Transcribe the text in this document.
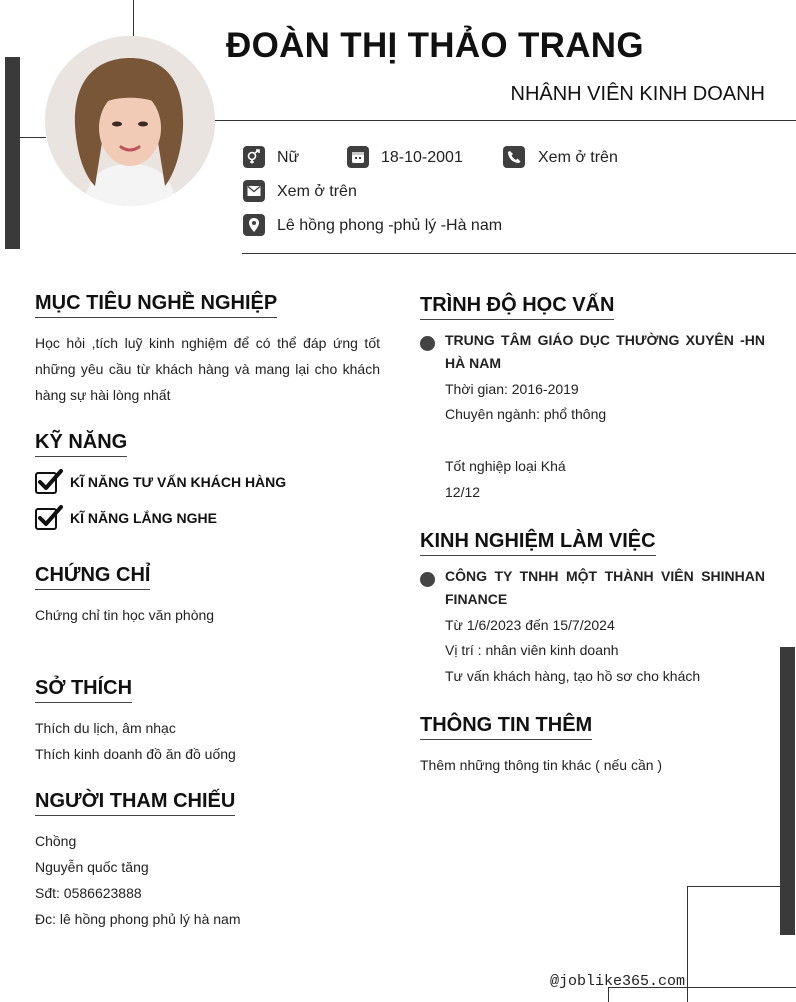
ĐOÀN THỊ THẢO TRANG
NHÂNH VIÊN KINH DOANH
Nữ	18-10-2001	Xem ở trên
Xem ở trên
Lê hồng phong -phủ lý -Hà nam
MỤC TIÊU NGHỀ NGHIỆP
Học hỏi ,tích luỹ kinh nghiệm để có thể đáp ứng tốt những yêu cầu từ khách hàng và mang lại cho khách hàng sự hài lòng nhất
KỸ NĂNG
KĨ NĂNG TƯ VẤN KHÁCH HÀNG
KĨ NĂNG LẮNG NGHE
CHỨNG CHỈ
Chứng chỉ tin học văn phòng
SỞ THÍCH
Thích du lịch, âm nhạc
Thích kinh doanh đồ ăn đồ uống
NGƯỜI THAM CHIẾU
Chồng
Nguyễn quốc tăng
Sđt: 0586623888
Đc: lê hồng phong phủ lý hà nam
TRÌNH ĐỘ HỌC VẤN
TRUNG TÂM GIÁO DỤC THƯỜNG XUYÊN -HN HÀ NAM
Thời gian: 2016-2019
Chuyên ngành: phổ thông
Tốt nghiệp loại Khá
12/12
KINH NGHIỆM LÀM VIỆC
CÔNG TY TNHH MỘT THÀNH VIÊN SHINHAN FINANCE
Từ 1/6/2023 đến 15/7/2024
Vị trí : nhân viên kinh doanh
Tư vấn khách hàng, tạo hồ sơ cho khách
THÔNG TIN THÊM
Thêm những thông tin khác ( nếu cần )
@joblike365.com
